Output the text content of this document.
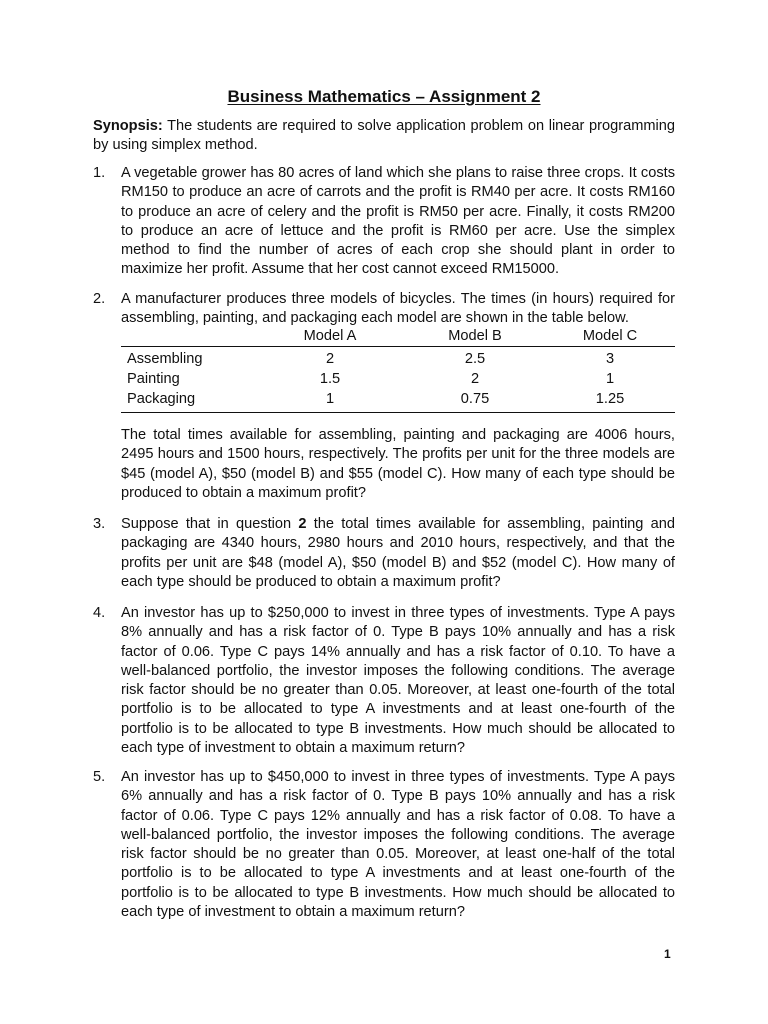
Business Mathematics – Assignment 2

Synopsis: The students are required to solve application problem on linear programming by using simplex method.

1.	A vegetable grower has 80 acres of land which she plans to raise three crops. It costs RM150 to produce an acre of carrots and the profit is RM40 per acre. It costs RM160 to produce an acre of celery and the profit is RM50 per acre. Finally, it costs RM200 to produce an acre of lettuce and the profit is RM60 per acre. Use the simplex method to find the number of acres of each crop she should plant in order to maximize her profit. Assume that her cost cannot exceed RM15000.

2.	A manufacturer produces three models of bicycles. The times (in hours) required for assembling, painting, and packaging each model are shown in the table below.

	Model A	Model B	Model C
Assembling	2	2.5	3
Painting	1.5	2	1
Packaging	1	0.75	1.25

The total times available for assembling, painting and packaging are 4006 hours, 2495 hours and 1500 hours, respectively. The profits per unit for the three models are $45 (model A), $50 (model B) and $55 (model C). How many of each type should be produced to obtain a maximum profit?

3.	Suppose that in question 2 the total times available for assembling, painting and packaging are 4340 hours, 2980 hours and 2010 hours, respectively, and that the profits per unit are $48 (model A), $50 (model B) and $52 (model C). How many of each type should be produced to obtain a maximum profit?

4.	An investor has up to $250,000 to invest in three types of investments. Type A pays 8% annually and has a risk factor of 0. Type B pays 10% annually and has a risk factor of 0.06. Type C pays 14% annually and has a risk factor of 0.10. To have a well-balanced portfolio, the investor imposes the following conditions. The average risk factor should be no greater than 0.05. Moreover, at least one-fourth of the total portfolio is to be allocated to type A investments and at least one-fourth of the portfolio is to be allocated to type B investments. How much should be allocated to each type of investment to obtain a maximum return?

5.	An investor has up to $450,000 to invest in three types of investments. Type A pays 6% annually and has a risk factor of 0. Type B pays 10% annually and has a risk factor of 0.06. Type C pays 12% annually and has a risk factor of 0.08. To have a well-balanced portfolio, the investor imposes the following conditions. The average risk factor should be no greater than 0.05. Moreover, at least one-half of the total portfolio is to be allocated to type A investments and at least one-fourth of the portfolio is to be allocated to type B investments. How much should be allocated to each type of investment to obtain a maximum return?

1
